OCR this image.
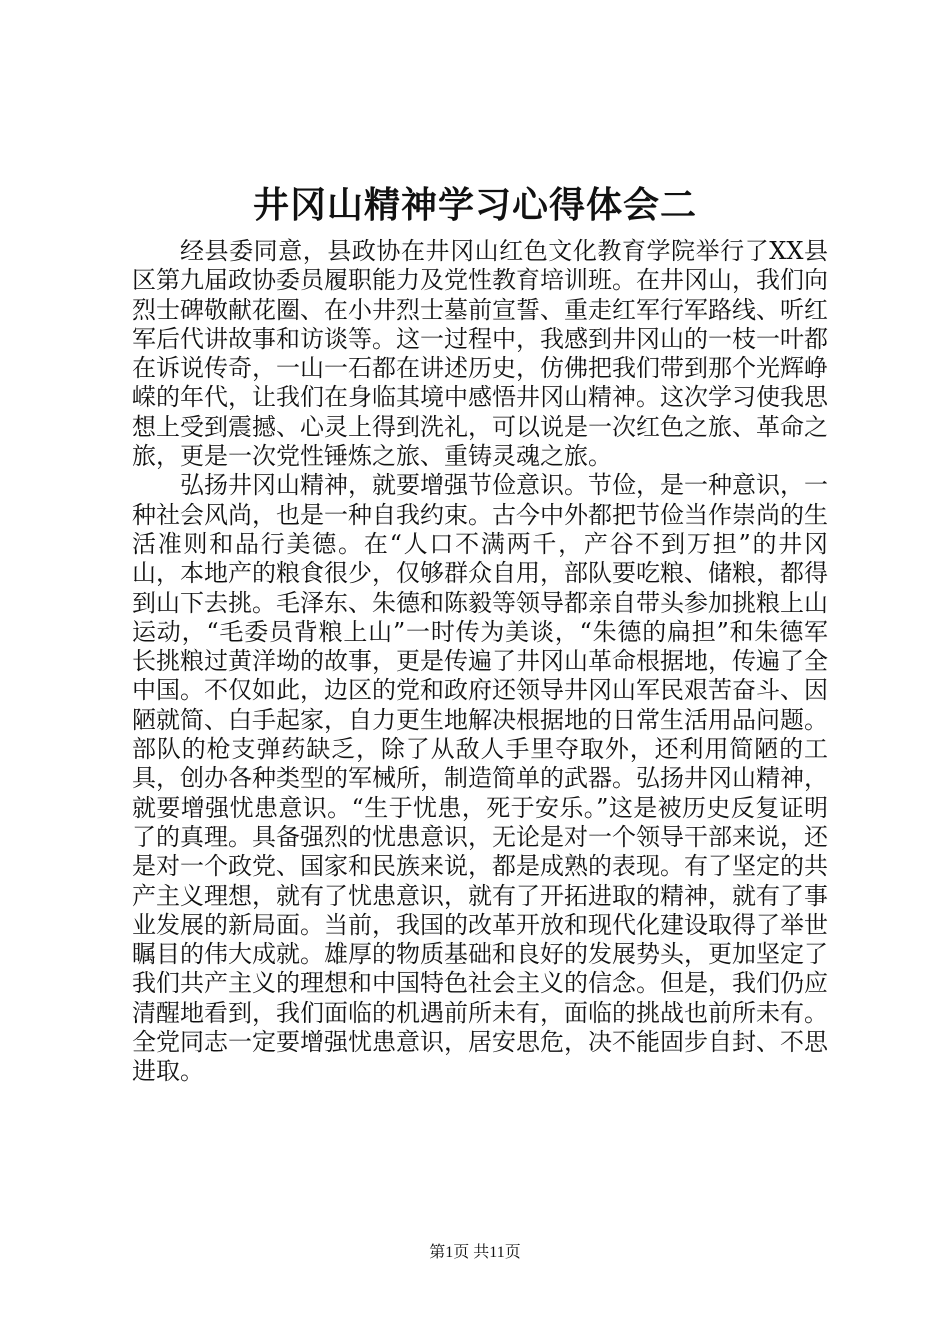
井冈山精神学习心得体会二

经县委同意，县政协在井冈山红色文化教育学院举行了XX县区第九届政协委员履职能力及党性教育培训班。在井冈山，我们向烈士碑敬献花圈、在小井烈士墓前宣誓、重走红军行军路线、听红军后代讲故事和访谈等。这一过程中，我感到井冈山的一枝一叶都在诉说传奇，一山一石都在讲述历史，仿佛把我们带到那个光辉峥嵘的年代，让我们在身临其境中感悟井冈山精神。这次学习使我思想上受到震撼、心灵上得到洗礼，可以说是一次红色之旅、革命之旅，更是一次党性锤炼之旅、重铸灵魂之旅。

弘扬井冈山精神，就要增强节俭意识。节俭，是一种意识，一种社会风尚，也是一种自我约束。古今中外都把节俭当作崇尚的生活准则和品行美德。在“人口不满两千，产谷不到万担”的井冈山，本地产的粮食很少，仅够群众自用，部队要吃粮、储粮，都得到山下去挑。毛泽东、朱德和陈毅等领导都亲自带头参加挑粮上山运动，“毛委员背粮上山”一时传为美谈，“朱德的扁担”和朱德军长挑粮过黄洋坳的故事，更是传遍了井冈山革命根据地，传遍了全中国。不仅如此，边区的党和政府还领导井冈山军民艰苦奋斗、因陋就简、白手起家，自力更生地解决根据地的日常生活用品问题。部队的枪支弹药缺乏，除了从敌人手里夺取外，还利用简陋的工具，创办各种类型的军械所，制造简单的武器。弘扬井冈山精神，就要增强忧患意识。“生于忧患，死于安乐。”这是被历史反复证明了的真理。具备强烈的忧患意识，无论是对一个领导干部来说，还是对一个政党、国家和民族来说，都是成熟的表现。有了坚定的共产主义理想，就有了忧患意识，就有了开拓进取的精神，就有了事业发展的新局面。当前，我国的改革开放和现代化建设取得了举世瞩目的伟大成就。雄厚的物质基础和良好的发展势头，更加坚定了我们共产主义的理想和中国特色社会主义的信念。但是，我们仍应清醒地看到，我们面临的机遇前所未有，面临的挑战也前所未有。全党同志一定要增强忧患意识，居安思危，决不能固步自封、不思进取。

第1页 共11页
